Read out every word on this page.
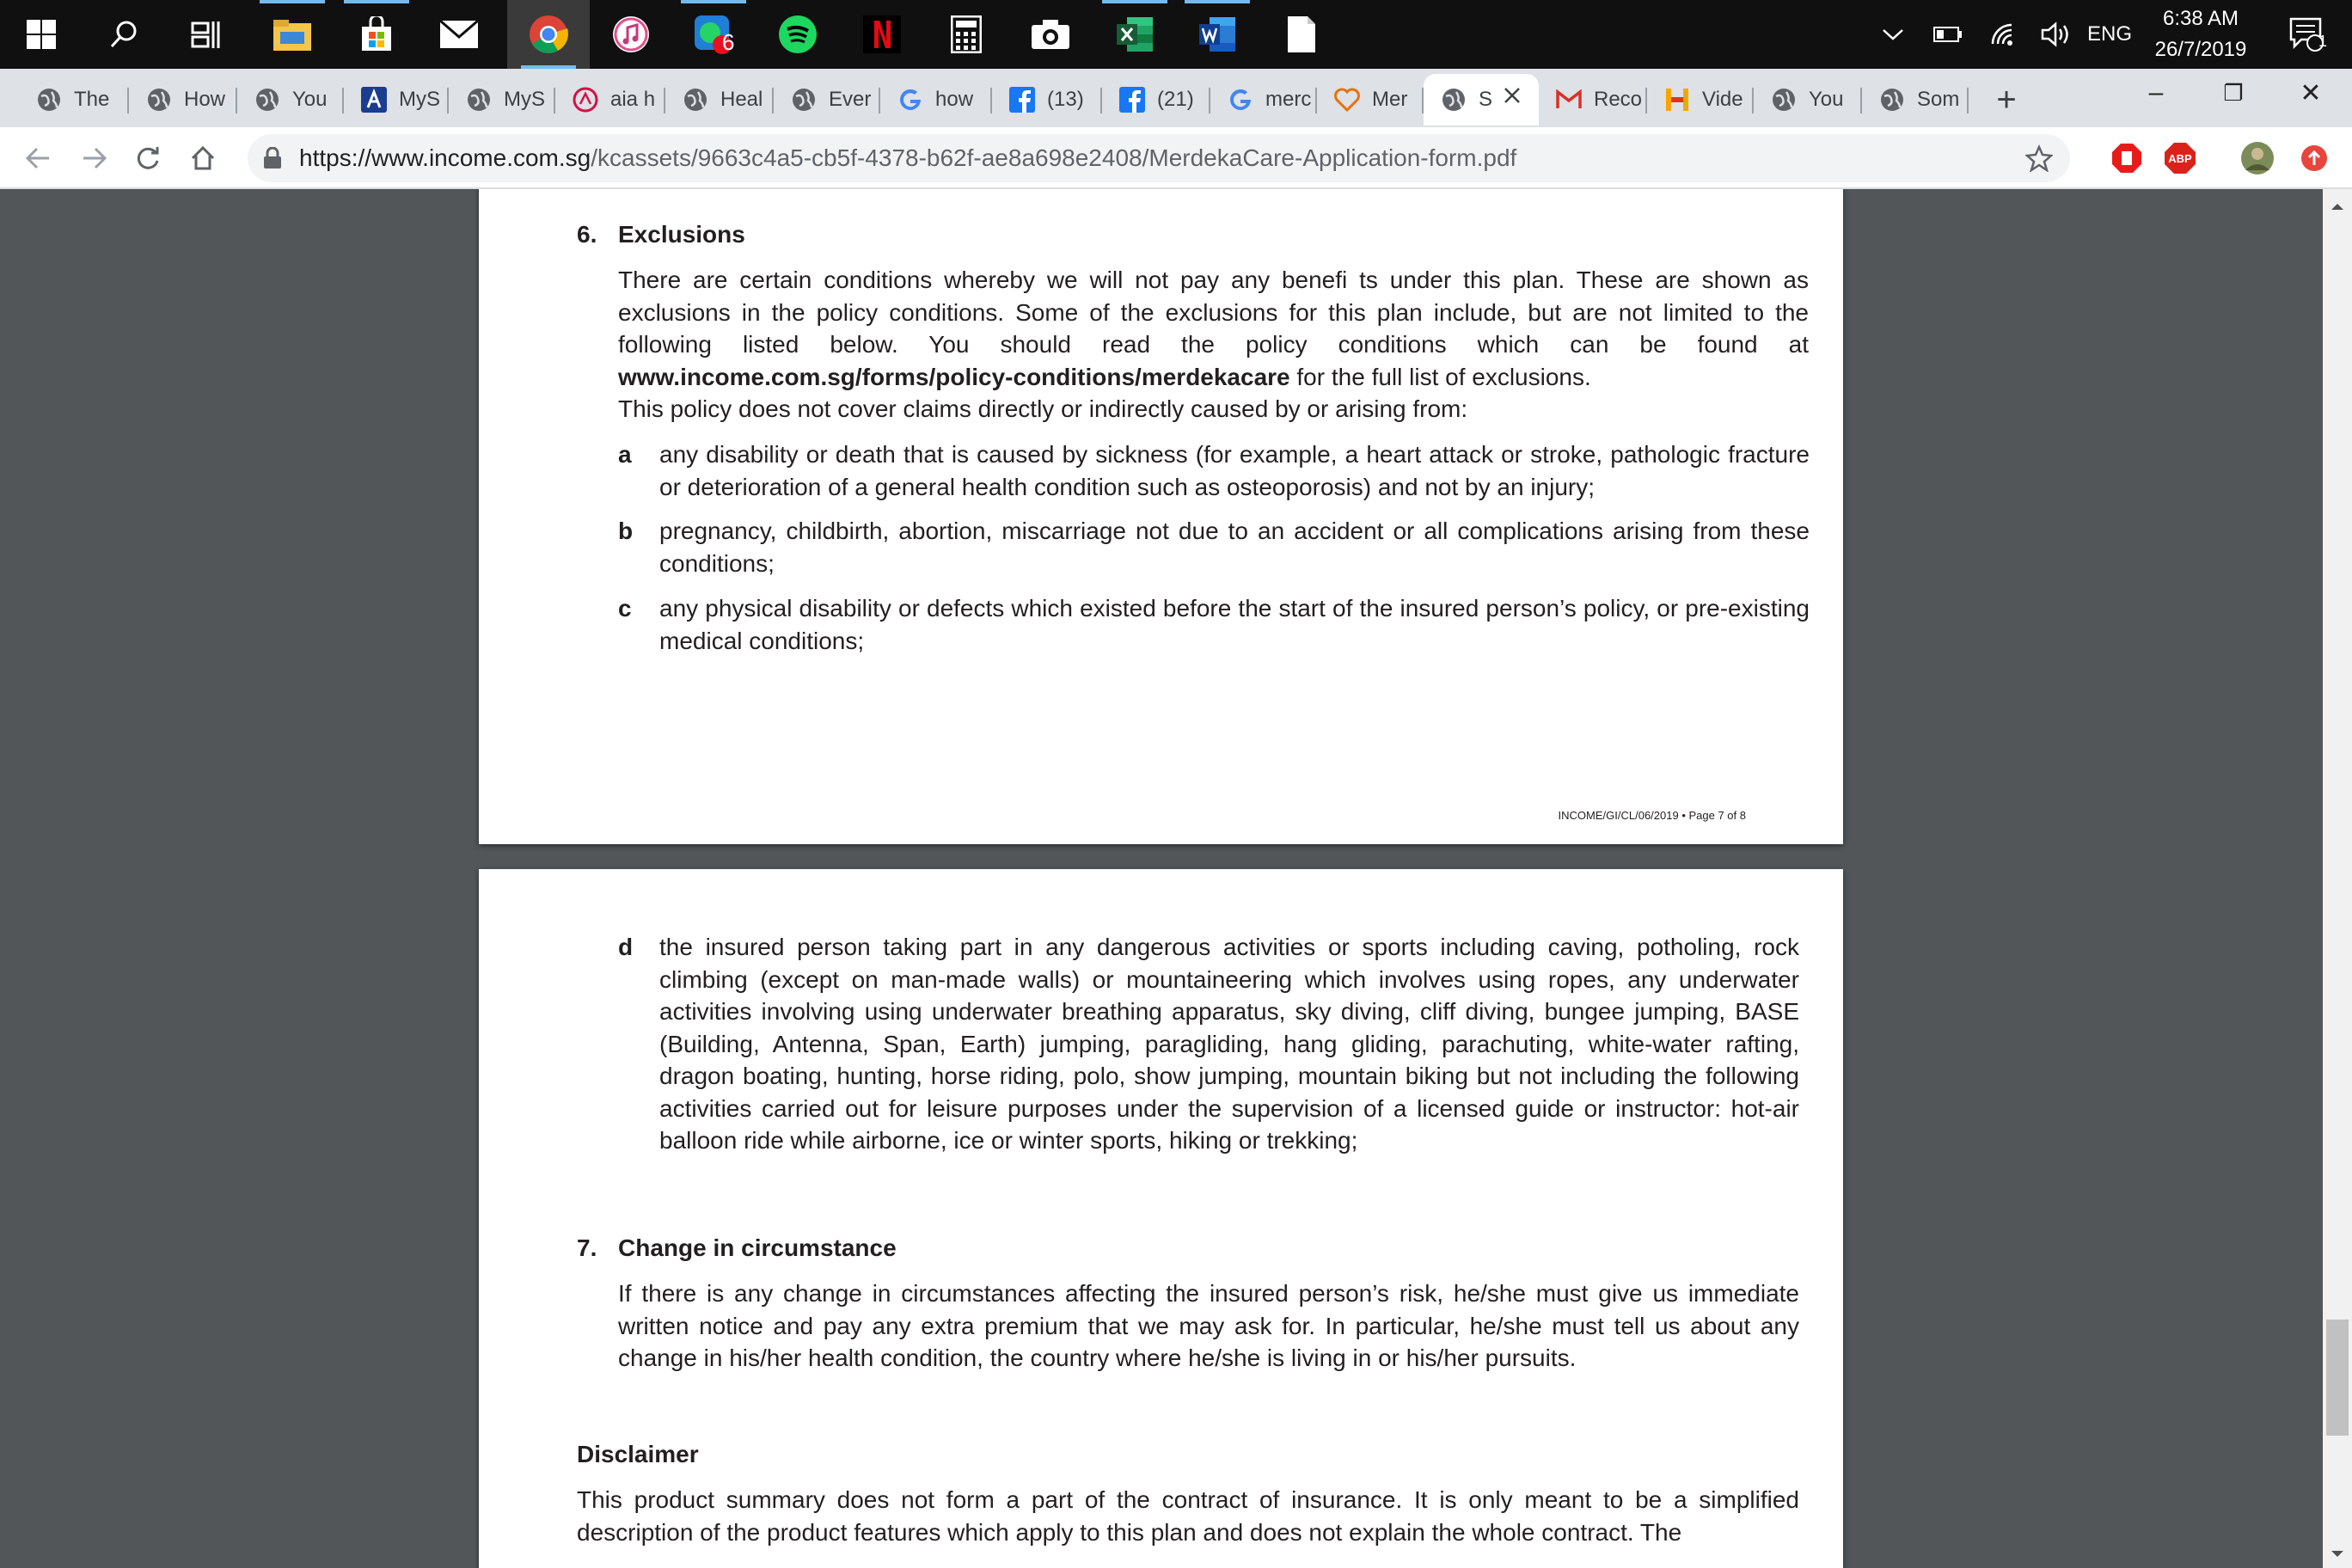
6	ENG
6:38 AM
26/7/2019	1
The	How	You	MyS	MyS	aia h	Heal	Ever	how	(13)	(21)	merc	Mer	S	Reco	Vide	You	Som	+	–	❐	✕
https://www.income.com.sg/kcassets/9663c4a5-cb5f-4378-b62f-ae8a698e2408/MerdekaCare-Application-form.pdf	ABP
6. Exclusions
There are certain conditions whereby we will not pay any benefi ts under this plan. These are shown as exclusions in the policy conditions. Some of the exclusions for this plan include, but are not limited to the following listed below. You should read the policy conditions which can be found at www.income.com.sg/forms/policy-conditions/merdekacare for the full list of exclusions.
This policy does not cover claims directly or indirectly caused by or arising from:
a any disability or death that is caused by sickness (for example, a heart attack or stroke, pathologic fracture or deterioration of a general health condition such as osteoporosis) and not by an injury;
b pregnancy, childbirth, abortion, miscarriage not due to an accident or all complications arising from these conditions;
c any physical disability or defects which existed before the start of the insured person’s policy, or pre-existing medical conditions;
INCOME/GI/CL/06/2019 • Page 7 of 8
d the insured person taking part in any dangerous activities or sports including caving, potholing, rock climbing (except on man-made walls) or mountaineering which involves using ropes, any underwater activities involving using underwater breathing apparatus, sky diving, cliff diving, bungee jumping, BASE (Building, Antenna, Span, Earth) jumping, paragliding, hang gliding, parachuting, white-water rafting, dragon boating, hunting, horse riding, polo, show jumping, mountain biking but not including the following activities carried out for leisure purposes under the supervision of a licensed guide or instructor: hot-air balloon ride while airborne, ice or winter sports, hiking or trekking;
7. Change in circumstance
If there is any change in circumstances affecting the insured person’s risk, he/she must give us immediate written notice and pay any extra premium that we may ask for. In particular, he/she must tell us about any change in his/her health condition, the country where he/she is living in or his/her pursuits.
Disclaimer
This product summary does not form a part of the contract of insurance. It is only meant to be a simplified description of the product features which apply to this plan and does not explain the whole contract. The
